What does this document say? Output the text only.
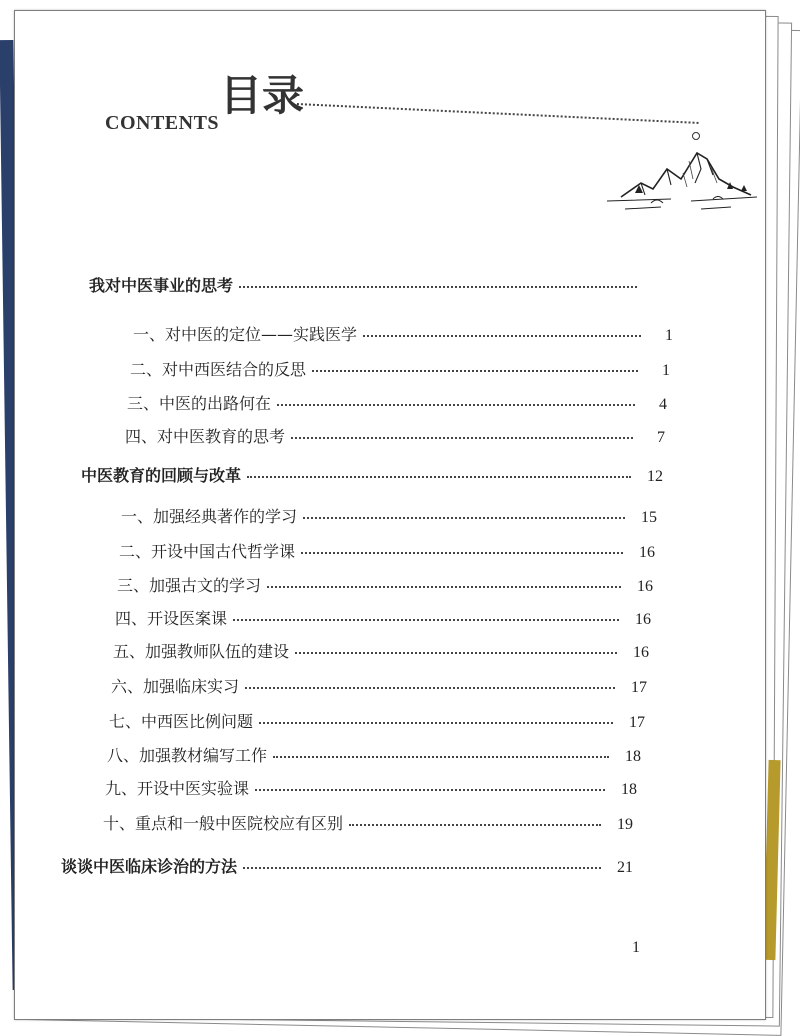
目录
CONTENTS
我对中医事业的思考
一、对中医的定位——实践医学	1
二、对中西医结合的反思	1
三、中医的出路何在	4
四、对中医教育的思考	7
中医教育的回顾与改革	12
一、加强经典著作的学习	15
二、开设中国古代哲学课	16
三、加强古文的学习	16
四、开设医案课	16
五、加强教师队伍的建设	16
六、加强临床实习	17
七、中西医比例问题	17
八、加强教材编写工作	18
九、开设中医实验课	18
十、重点和一般中医院校应有区别	19
谈谈中医临床诊治的方法	21
1
